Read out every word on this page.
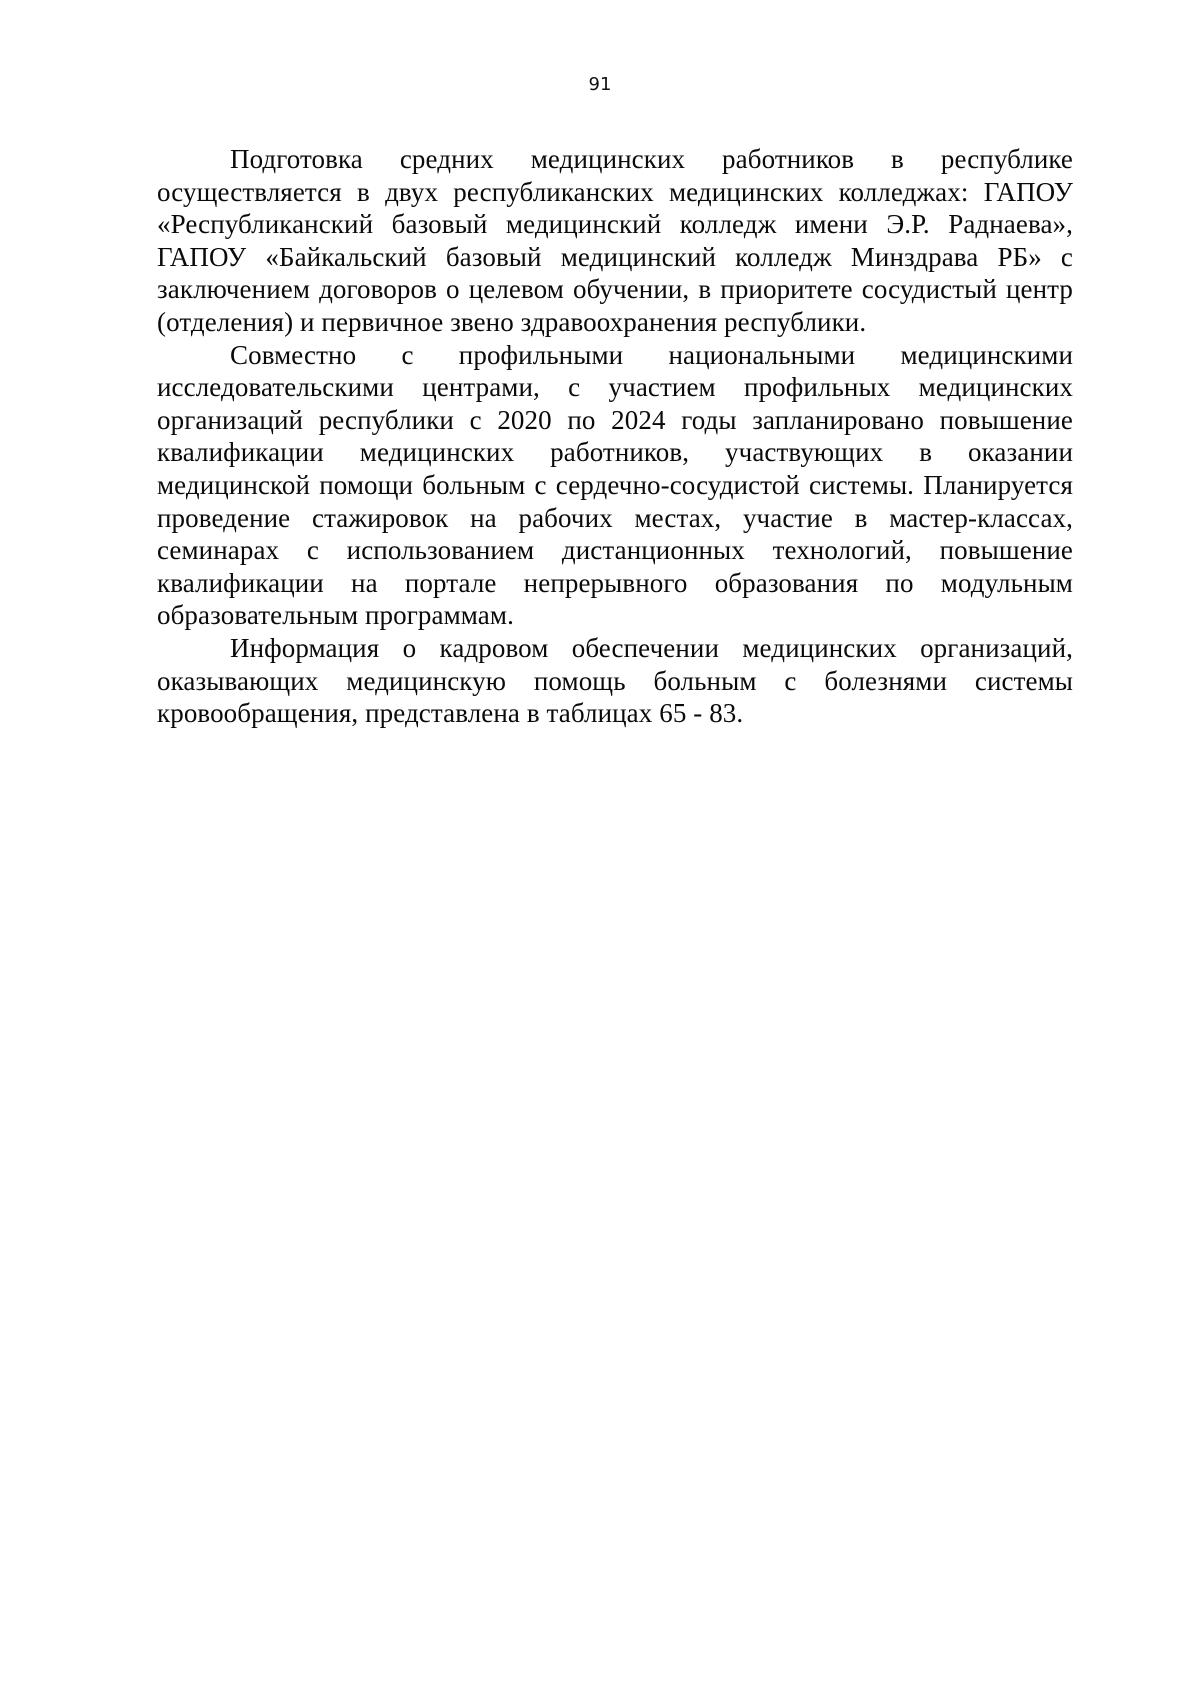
91

Подготовка средних медицинских работников в республике осуществляется в двух республиканских медицинских колледжах: ГАПОУ «Республиканский базовый медицинский колледж имени Э.Р. Раднаева», ГАПОУ «Байкальский базовый медицинский колледж Минздрава РБ» с заключением договоров о целевом обучении, в приоритете сосудистый центр (отделения) и первичное звено здравоохранения республики.

Совместно с профильными национальными медицинскими исследовательскими центрами, с участием профильных медицинских организаций республики с 2020 по 2024 годы запланировано повышение квалификации медицинских работников, участвующих в оказании медицинской помощи больным с сердечно-сосудистой системы. Планируется проведение стажировок на рабочих местах, участие в мастер-классах, семинарах с использованием дистанционных технологий, повышение квалификации на портале непрерывного образования по модульным образовательным программам.

Информация о кадровом обеспечении медицинских организаций, оказывающих медицинскую помощь больным с болезнями системы кровообращения, представлена в таблицах 65 - 83.
